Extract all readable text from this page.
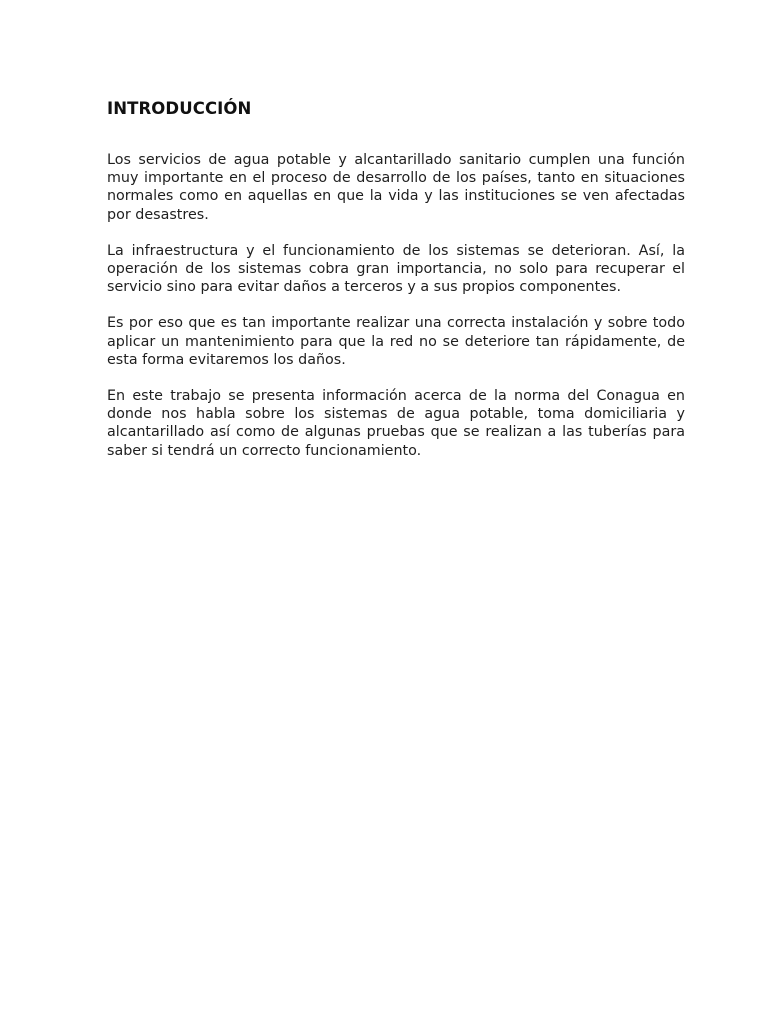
INTRODUCCIÓN

Los servicios de agua potable y alcantarillado sanitario cumplen una función muy importante en el proceso de desarrollo de los países, tanto en situaciones normales como en aquellas en que la vida y las instituciones se ven afectadas por desastres.

La infraestructura y el funcionamiento de los sistemas se deterioran. Así, la operación de los sistemas cobra gran importancia, no solo para recuperar el servicio sino para evitar daños a terceros y a sus propios componentes.

Es por eso que es tan importante realizar una correcta instalación y sobre todo aplicar un mantenimiento para que la red no se deteriore tan rápidamente, de esta forma evitaremos los daños.

En este trabajo se presenta información acerca de la norma del Conagua en donde nos habla sobre los sistemas de agua potable, toma domiciliaria y alcantarillado así como de algunas pruebas que se realizan a las tuberías para saber si tendrá un correcto funcionamiento.
